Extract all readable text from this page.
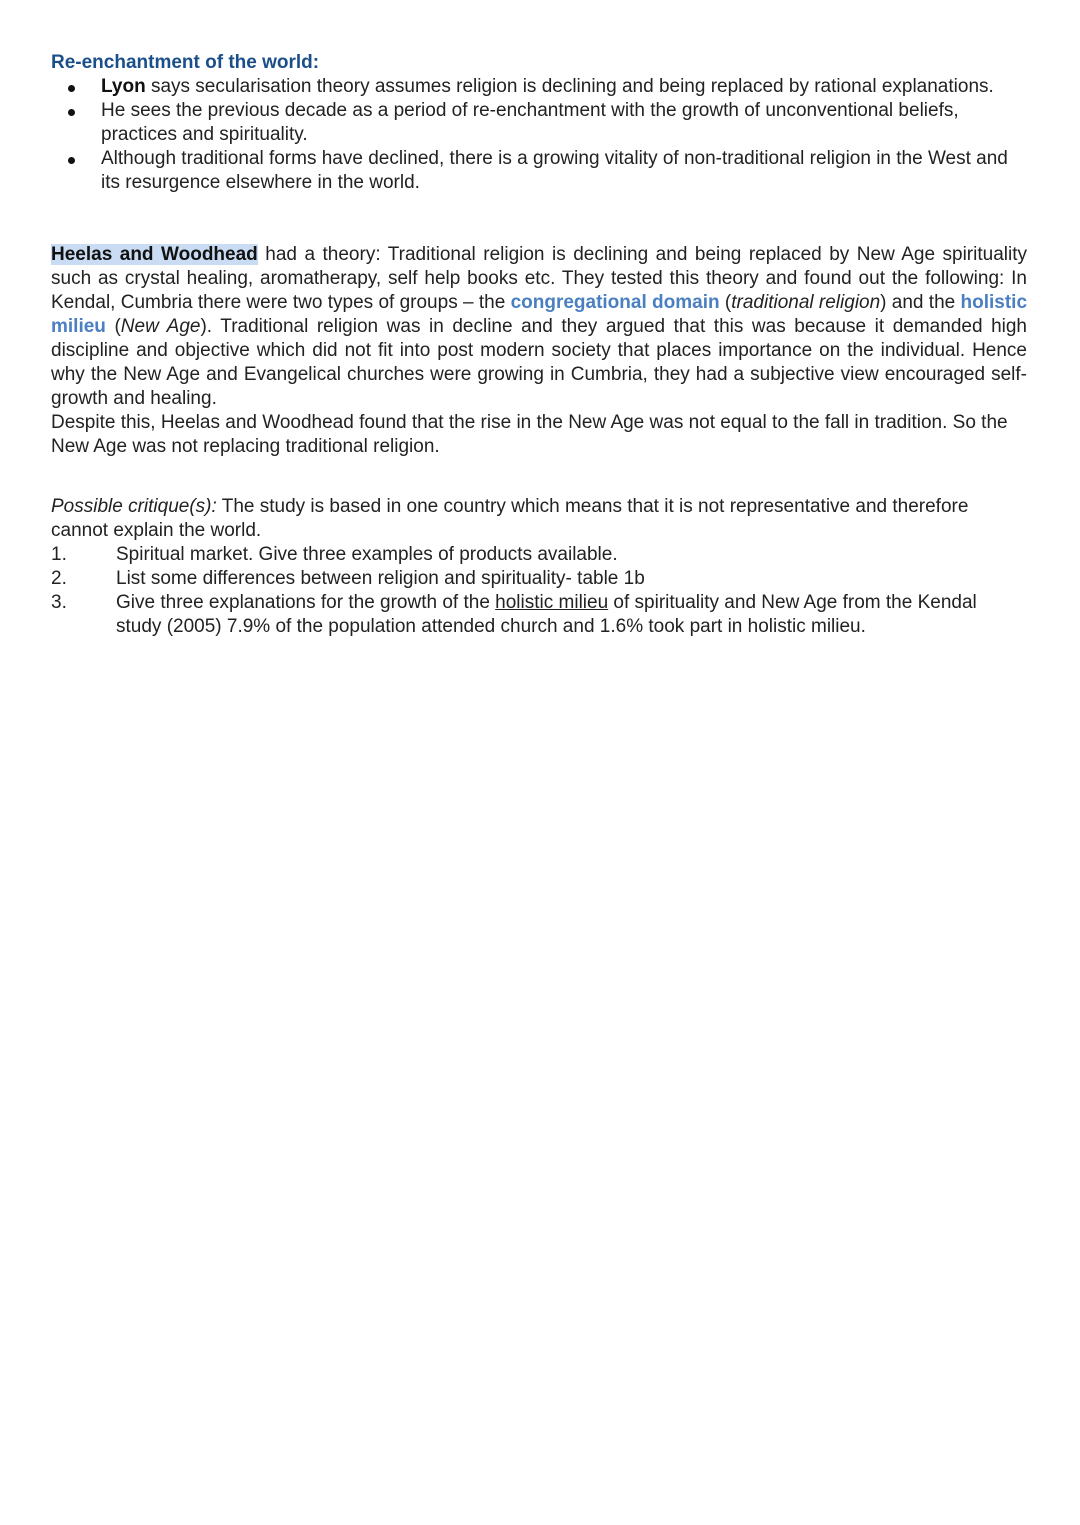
Re-enchantment of the world:

Lyon says secularisation theory assumes religion is declining and being replaced by rational explanations.
He sees the previous decade as a period of re-enchantment with the growth of unconventional beliefs, practices and spirituality.
Although traditional forms have declined, there is a growing vitality of non-traditional religion in the West and its resurgence elsewhere in the world.

Heelas and Woodhead had a theory: Traditional religion is declining and being replaced by New Age spirituality such as crystal healing, aromatherapy, self help books etc. They tested this theory and found out the following: In Kendal, Cumbria there were two types of groups – the congregational domain (traditional religion) and the holistic milieu (New Age). Traditional religion was in decline and they argued that this was because it demanded high discipline and objective which did not fit into post modern society that places importance on the individual. Hence why the New Age and Evangelical churches were growing in Cumbria, they had a subjective view encouraged self-growth and healing.

Despite this, Heelas and Woodhead found that the rise in the New Age was not equal to the fall in tradition. So the New Age was not replacing traditional religion.

Possible critique(s): The study is based in one country which means that it is not representative and therefore cannot explain the world.

1.	Spiritual market. Give three examples of products available.
2.	List some differences between religion and spirituality- table 1b
3.	Give three explanations for the growth of the holistic milieu of spirituality and New Age from the Kendal study (2005) 7.9% of the population attended church and 1.6% took part in holistic milieu.
